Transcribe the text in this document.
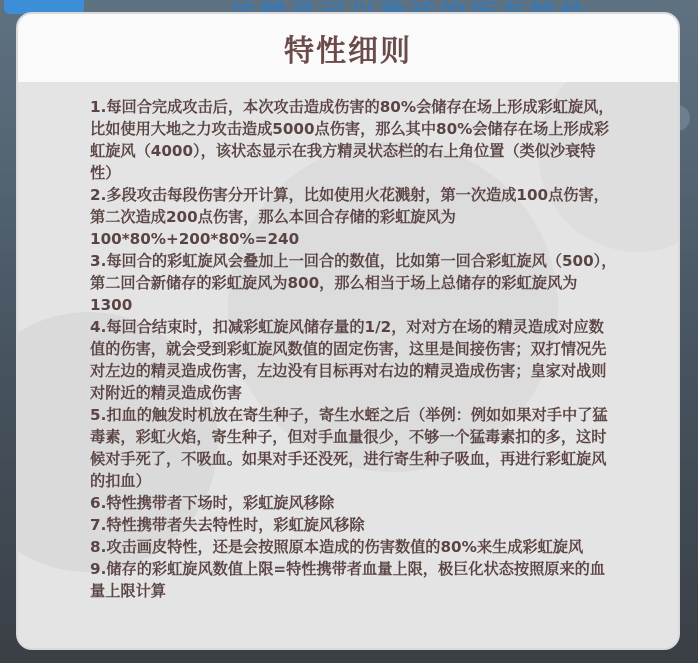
特性细则
1.每回合完成攻击后，本次攻击造成伤害的80%会储存在场上形成彩虹旋风，比如使用大地之力攻击造成5000点伤害，那么其中80%会储存在场上形成彩虹旋风（4000），该状态显示在我方精灵状态栏的右上角位置（类似沙衰特性）
2.多段攻击每段伤害分开计算，比如使用火花溅射，第一次造成100点伤害，第二次造成200点伤害，那么本回合存储的彩虹旋风为100*80%+200*80%=240
3.每回合的彩虹旋风会叠加上一回合的数值，比如第一回合彩虹旋风（500），第二回合新储存的彩虹旋风为800，那么相当于场上总储存的彩虹旋风为1300
4.每回合结束时，扣减彩虹旋风储存量的1/2，对对方在场的精灵造成对应数值的伤害，就会受到彩虹旋风数值的固定伤害，这里是间接伤害；双打情况先对左边的精灵造成伤害，左边没有目标再对右边的精灵造成伤害；皇家对战则对附近的精灵造成伤害
5.扣血的触发时机放在寄生种子，寄生水蛭之后（举例：例如如果对手中了猛毒素，彩虹火焰，寄生种子，但对手血量很少，不够一个猛毒素扣的多，这时候对手死了，不吸血。如果对手还没死，进行寄生种子吸血，再进行彩虹旋风的扣血）
6.特性携带者下场时，彩虹旋风移除
7.特性携带者失去特性时，彩虹旋风移除
8.攻击画皮特性，还是会按照原本造成的伤害数值的80%来生成彩虹旋风
9.储存的彩虹旋风数值上限=特性携带者血量上限，极巨化状态按照原来的血量上限计算
